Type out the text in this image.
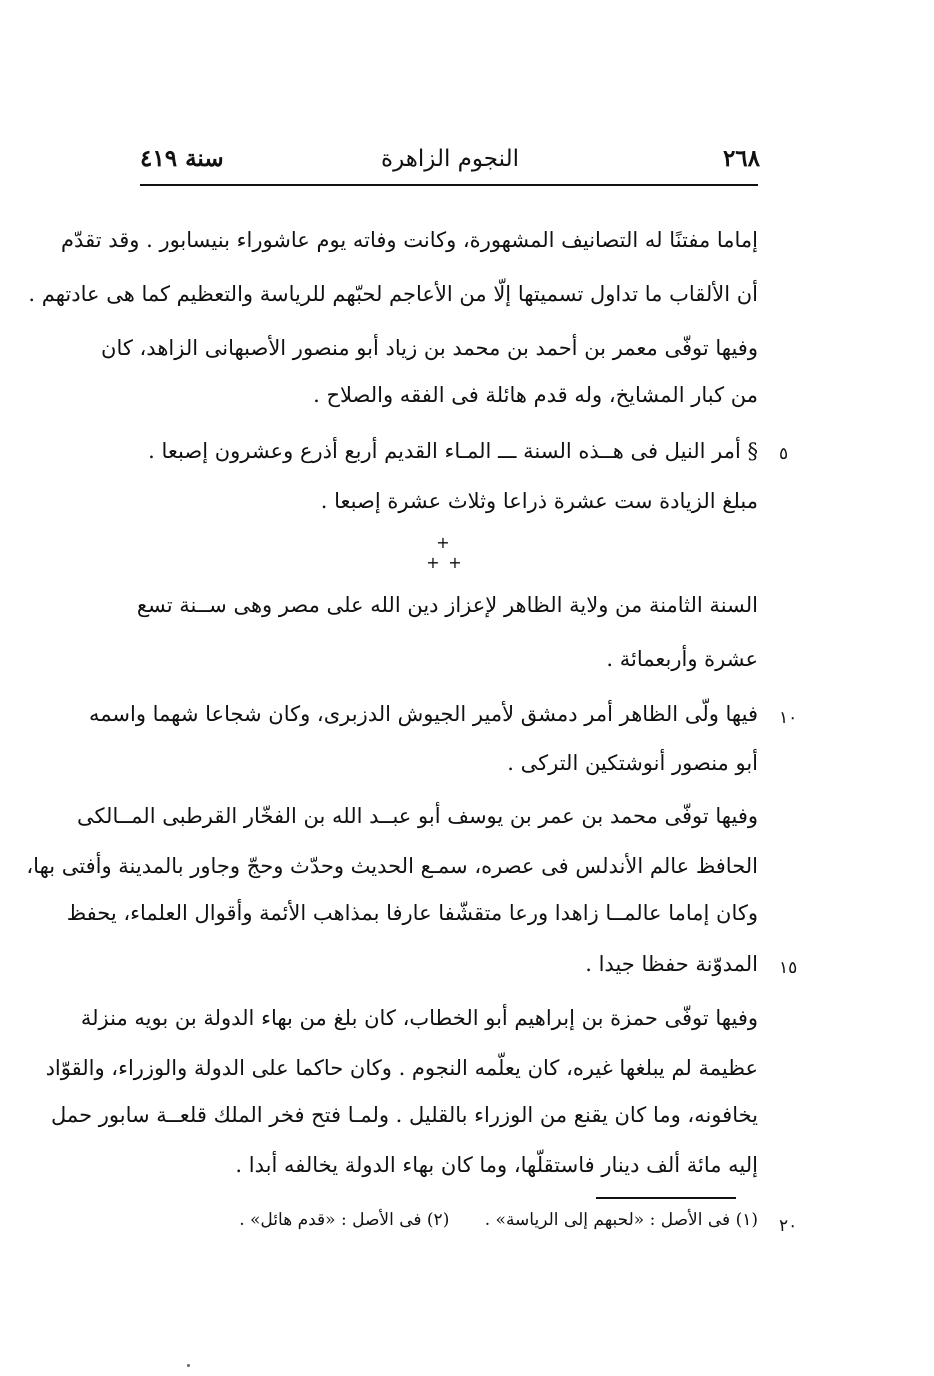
سنة ٤١٩	النجوم الزاهرة	٢٦٨
إماما مفتنًا له التصانيف المشهورة، وكانت وفاته يوم عاشوراء بنيسابور . وقد تقدّم
أن الألقاب ما تداول تسميتها إلّا من الأعاجم لحبّهم للرياسة والتعظيم كما هى عادتهم .
وفيها توفّى معمر بن أحمد بن محمد بن زياد أبو منصور الأصبهانى الزاهد، كان
من كبار المشايخ، وله قدم هائلة فى الفقه والصلاح .
§ أمر النيل فى هــذه السنة ـــ المـاء القديم أربع أذرع وعشرون إصبعا .
مبلغ الزيادة ست عشرة ذراعا وثلاث عشرة إصبعا .
+
+ +
السنة الثامنة من ولاية الظاهر لإعزاز دين الله على مصر وهى ســنة تسع
عشرة وأربعمائة .
فيها ولّى الظاهر أمر دمشق لأمير الجيوش الدزبرى، وكان شجاعا شهما واسمه
أبو منصور أنوشتكين التركى .
وفيها توفّى محمد بن عمر بن يوسف أبو عبــد الله بن الفخّار القرطبى المــالكى
الحافظ عالم الأندلس فى عصره، سمـع الحديث وحدّث وحجّ وجاور بالمدينة وأفتى بها،
وكان إماما عالمــا زاهدا ورعا متقشّفا عارفا بمذاهب الأئمة وأقوال العلماء، يحفظ
المدوّنة حفظا جيدا .
وفيها توفّى حمزة بن إبراهيم أبو الخطاب، كان بلغ من بهاء الدولة بن بويه منزلة
عظيمة لم يبلغها غيره، كان يعلّمه النجوم . وكان حاكما على الدولة والوزراء، والقوّاد
يخافونه، وما كان يقنع من الوزراء بالقليل . ولمـا فتح فخر الملك قلعــة سابور حمل
إليه مائة ألف دينار فاستقلّها، وما كان بهاء الدولة يخالفه أبدا .
٥
١٠
١٥
٢٠
(١) فى الأصل : «لحبهم إلى الرياسة» . (٢) فى الأصل : «قدم هائل» .
